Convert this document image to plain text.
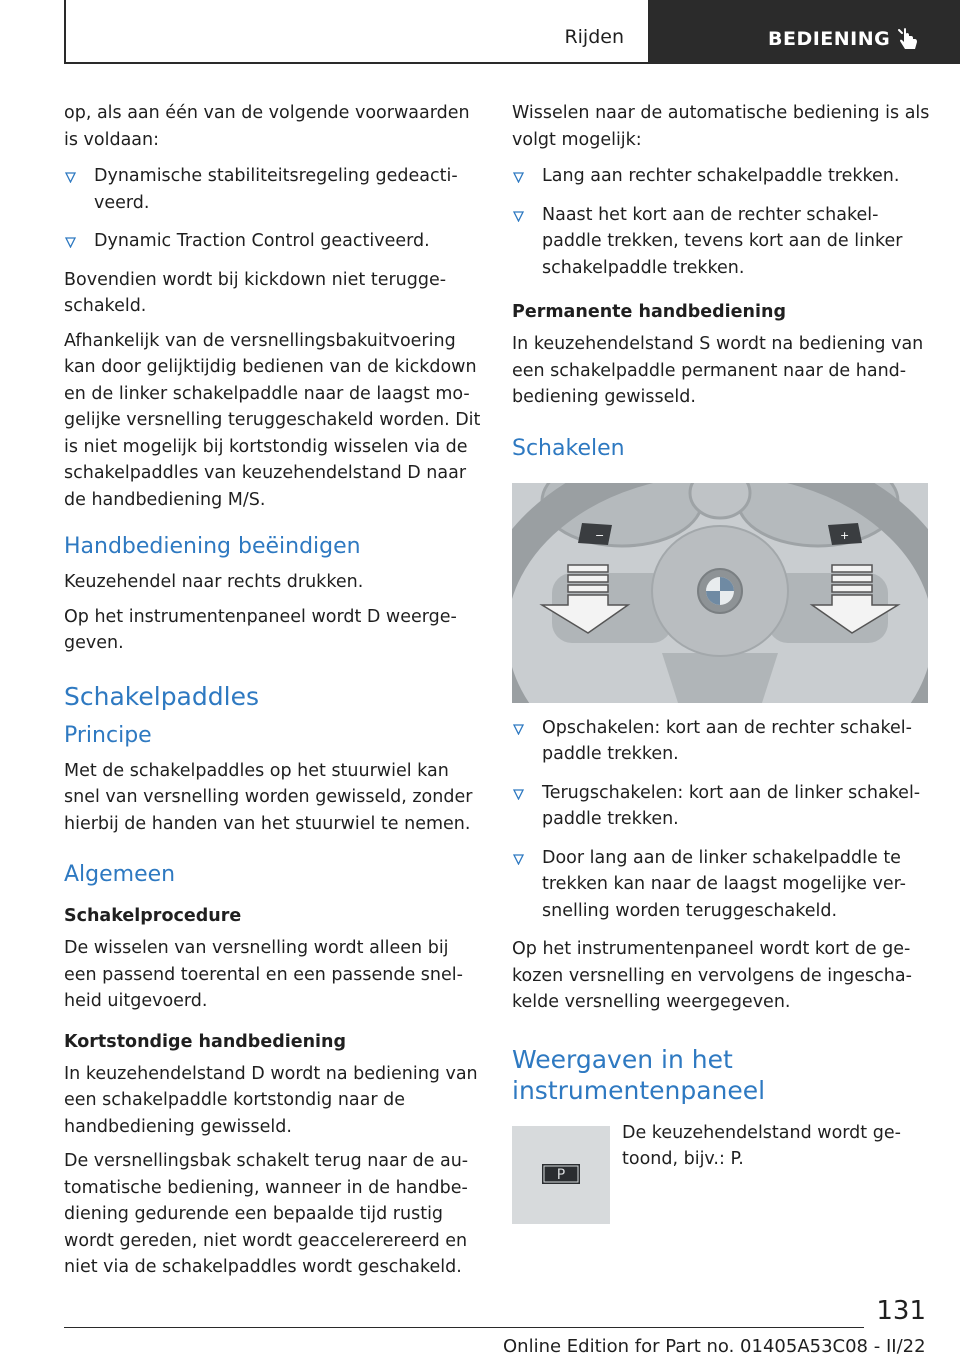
Rijden	BEDIENING

op, als aan één van de volgende voorwaarden is voldaan:

Dynamische stabiliteitsregeling gedeacti- veerd.
Dynamic Traction Control geactiveerd.

Bovendien wordt bij kickdown niet terugge- schakeld.

Afhankelijk van de versnellingsbakuitvoering kan door gelijktijdig bedienen van de kickdown en de linker schakelpaddle naar de laagst mo- gelijke versnelling teruggeschakeld worden. Dit is niet mogelijk bij kortstondig wisselen via de schakelpaddles van keuzehendelstand D naar de handbediening M/S.

Handbediening beëindigen

Keuzehendel naar rechts drukken.

Op het instrumentenpaneel wordt D weerge- geven.

Schakelpaddles
Principe

Met de schakelpaddles op het stuurwiel kan snel van versnelling worden gewisseld, zonder hierbij de handen van het stuurwiel te nemen.

Algemeen
Schakelprocedure

De wisselen van versnelling wordt alleen bij een passend toerental en een passende snel- heid uitgevoerd.

Kortstondige handbediening

In keuzehendelstand D wordt na bediening van een schakelpaddle kortstondig naar de handbediening gewisseld.

De versnellingsbak schakelt terug naar de au- tomatische bediening, wanneer in de handbe- diening gedurende een bepaalde tijd rustig wordt gereden, niet wordt geaccelerereerd en niet via de schakelpaddles wordt geschakeld.

Wisselen naar de automatische bediening is als volgt mogelijk:

Lang aan rechter schakelpaddle trekken.
Naast het kort aan de rechter schakel- paddle trekken, tevens kort aan de linker schakelpaddle trekken.
Permanente handbediening

In keuzehendelstand S wordt na bediening van een schakelpaddle permanent naar de hand- bediening gewisseld.

Schakelen
−	+
Opschakelen: kort aan de rechter schakel- paddle trekken.
Terugschakelen: kort aan de linker schakel- paddle trekken.
Door lang aan de linker schakelpaddle te trekken kan naar de laagst mogelijke ver- snelling worden teruggeschakeld.

Op het instrumentenpaneel wordt kort de ge- kozen versnelling en vervolgens de ingescha- kelde versnelling weergegeven.

Weergaven in het instrumentenpaneel
P

De keuzehendelstand wordt ge- toond, bijv.: P.

131
Online Edition for Part no. 01405A53C08 - II/22
